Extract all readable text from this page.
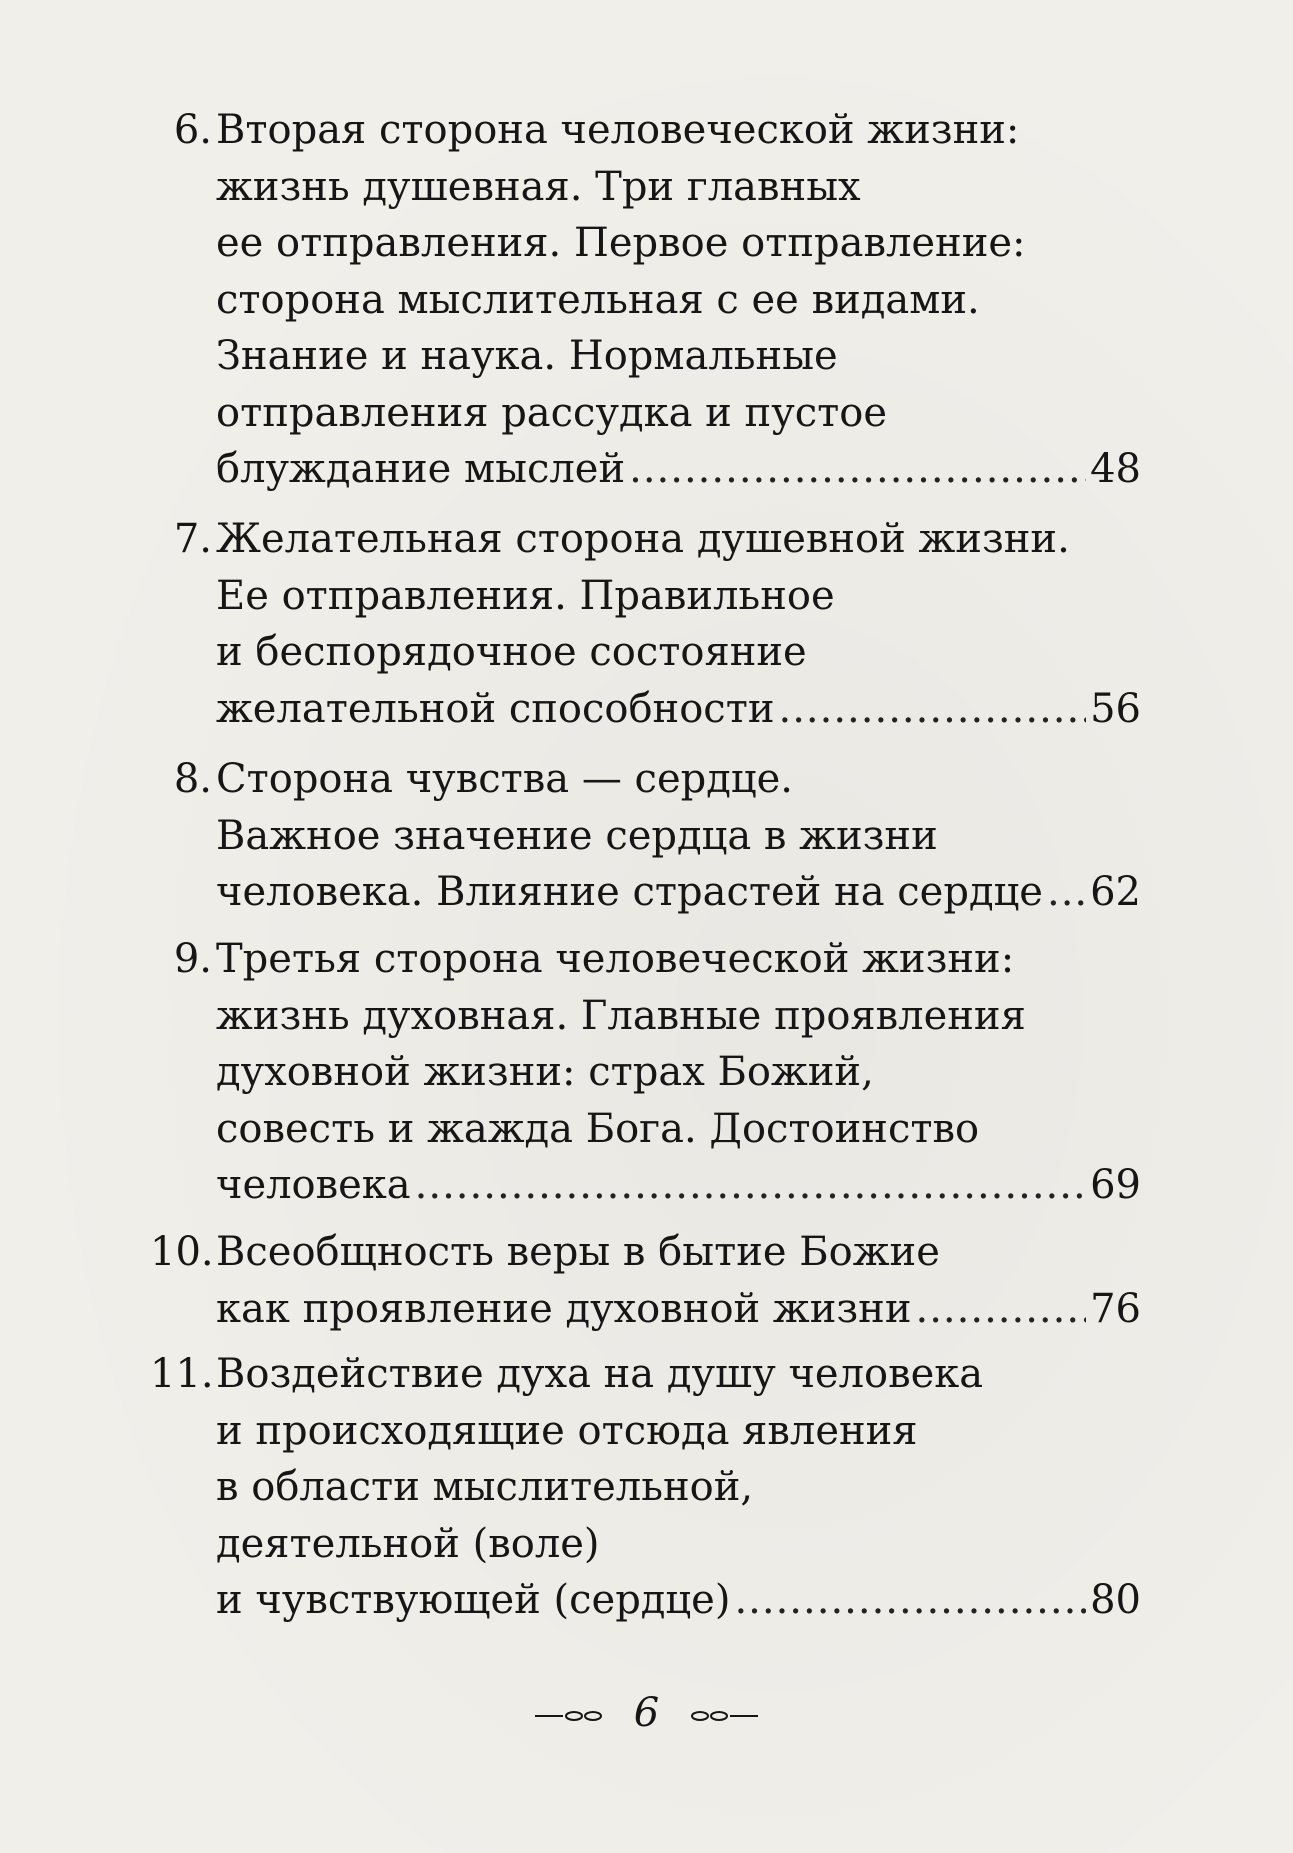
6. Вторая сторона человеческой жизни:
жизнь душевная. Три главных
ее отправления. Первое отправление:
сторона мыслительная с ее видами.
Знание и наука. Нормальные
отправления рассудка и пустое
блуждание мыслей .....	48
7. Желательная сторона душевной жизни.
Ее отправления. Правильное
и беспорядочное состояние
желательной способности .....	56
8. Сторона чувства — сердце.
Важное значение сердца в жизни
человека. Влияние страстей на сердце ..... 62
9. Третья сторона человеческой жизни:
жизнь духовная. Главные проявления
духовной жизни: страх Божий,
совесть и жажда Бога. Достоинство
человека .....	69
10. Всеобщность веры в бытие Божие
как проявление духовной жизни .....	76
11. Воздействие духа на душу человека
и происходящие отсюда явления
в области мыслительной,
деятельной (воле)
и чувствующей (сердце) .....	80
6
